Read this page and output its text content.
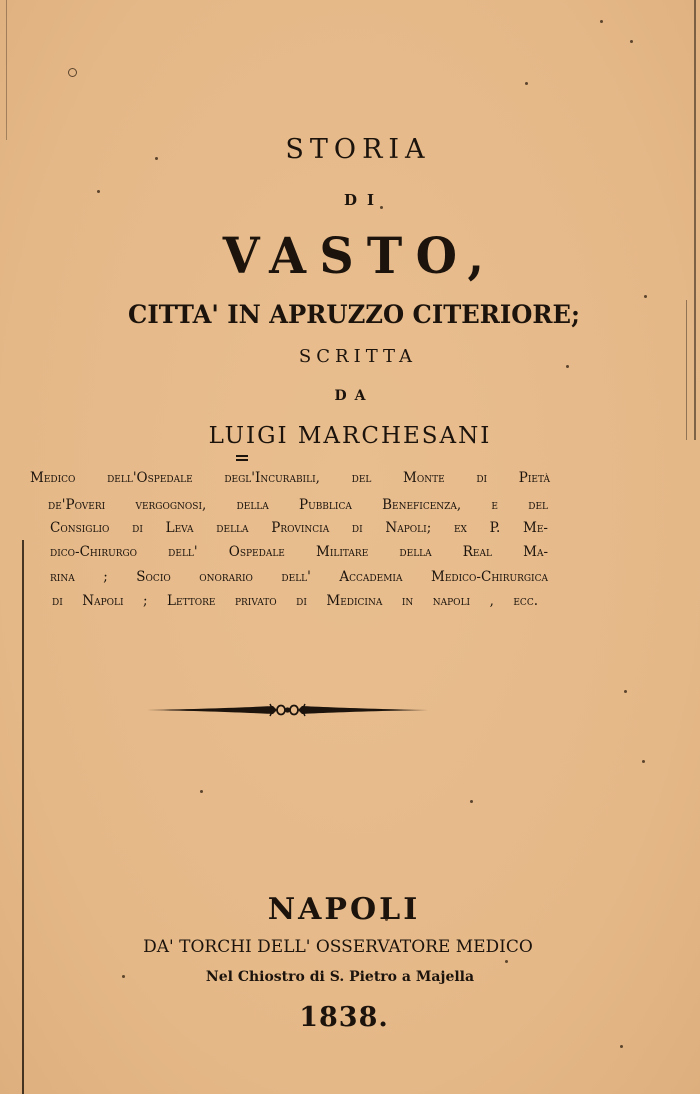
STORIA
DI
VASTO,
CITTA' IN APRUZZO CITERIORE;
SCRITTA
DA
LUIGI MARCHESANI
Medico dell'Ospedale degl'Incurabili, del Monte di Pietà
de'Poveri vergognosi, della Pubblica Beneficenza, e del
Consiglio di Leva della Provincia di Napoli; ex P. Me-
dico-Chirurgo dell' Ospedale Militare della Real Ma-
rina ; Socio onorario dell' Accademia Medico-Chirurgica
di Napoli ; Lettore privato di Medicina in napoli , ecc.
NAPOLI
DA' TORCHI DELL' OSSERVATORE MEDICO
Nel Chiostro di S. Pietro a Majella
1838.
